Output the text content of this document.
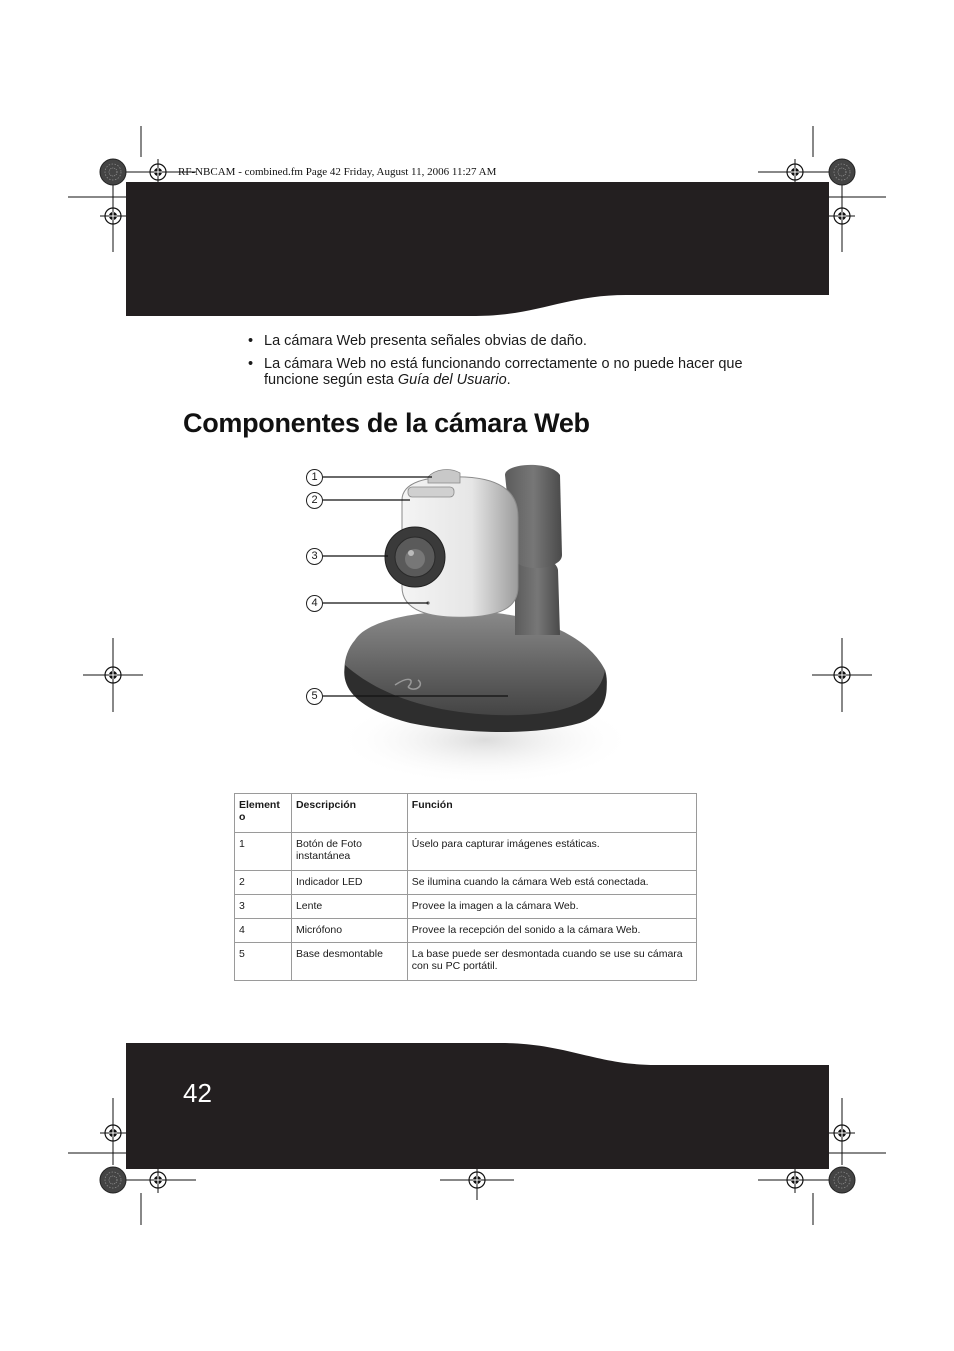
RF-NBCAM - combined.fm Page 42 Friday, August 11, 2006 11:27 AM
• La cámara Web presenta señales obvias de daño.
• La cámara Web no está funcionando correctamente o no puede hacer que funcione según esta Guía del Usuario.
Componentes de la cámara Web
1
2
3
4
5
Element o	Descripción	Función
1	Botón de Foto instantánea	Úselo para capturar imágenes estáticas.
2	Indicador LED	Se ilumina cuando la cámara Web está conectada.
3	Lente	Provee la imagen a la cámara Web.
4	Micrófono	Provee la recepción del sonido a la cámara Web.
5	Base desmontable	La base puede ser desmontada cuando se use su cámara con su PC portátil.
42
